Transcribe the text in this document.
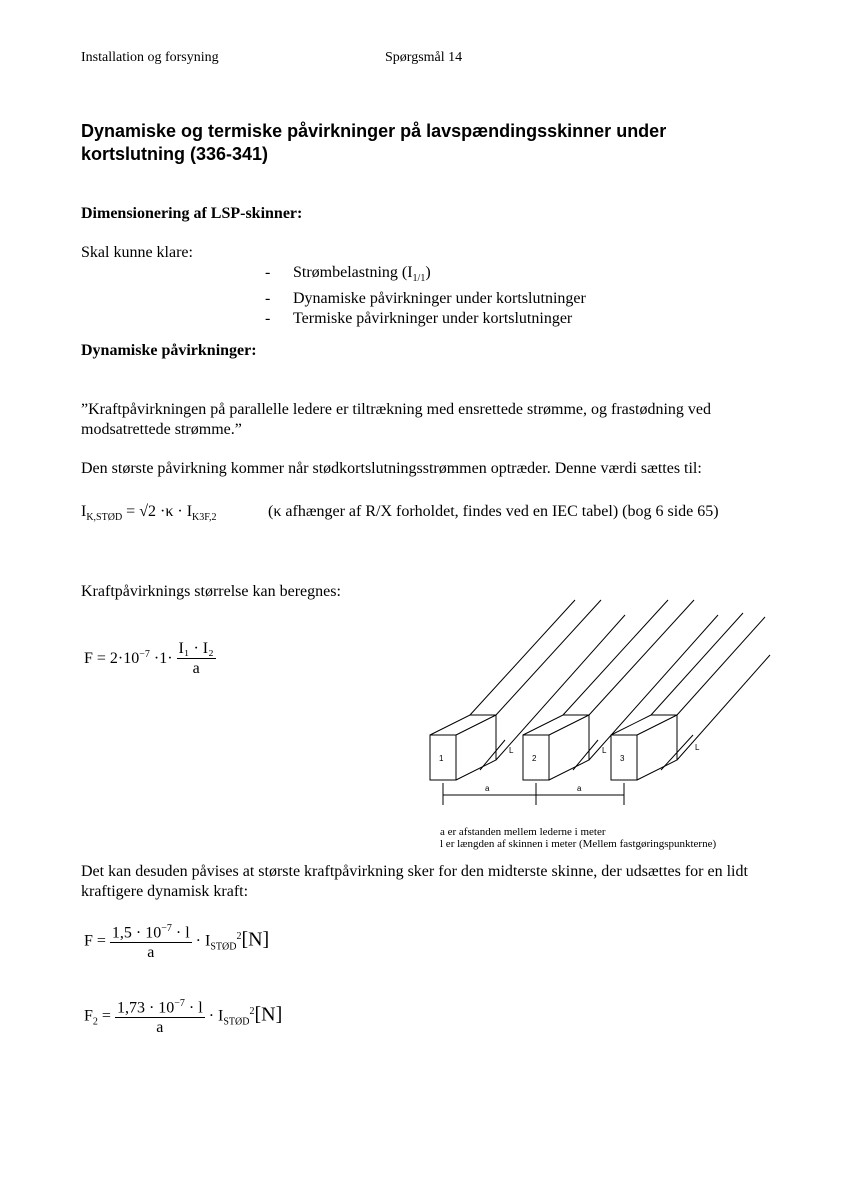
Installation og forsyning	Spørgsmål 14
Dynamiske og termiske påvirkninger på lavspændingsskinner under kortslutning (336-341)
Dimensionering af LSP-skinner:
Skal kunne klare:
- Strømbelastning $(I_{1/1})$
- Dynamiske påvirkninger under kortslutninger
- Termiske påvirkninger under kortslutninger
Dynamiske påvirkninger:
”Kraftpåvirkningen på parallelle ledere er tiltrækning med ensrettede strømme, og frastødning ved modsatrettede strømme.”
Den største påvirkning kommer når stødkortslutningsstrømmen optræder. Denne værdi sættes til:
$I_{K,STØD} = √2 \cdot\kappa \cdot I_{K3F,2}$	(κ afhænger af R/X forholdet, findes ved en IEC tabel) (bog 6 side 65)
Kraftpåvirknings størrelse kan beregnes:
$F = 2\cdot 10^{-7} \cdot 1\cdot \frac{\text{I₁ · I₂}}{a}$
1	2	3
L	L	L
a	a
a er afstanden mellem lederne i meter
l er længden af skinnen i meter (Mellem fastgøringspunkterne)
Det kan desuden påvises at største kraftpåvirkning sker for den midterste skinne, der udsættes for en lidt kraftigere dynamisk kraft:
$F = \frac{1,5 \cdot 10^{-7} \cdot l}{a} \cdot I_{STØD}^2[N]$
$F_2 = \frac{1,73 \cdot 10^{-7} \cdot l}{a} \cdot I_{STØD}^2[N]$
